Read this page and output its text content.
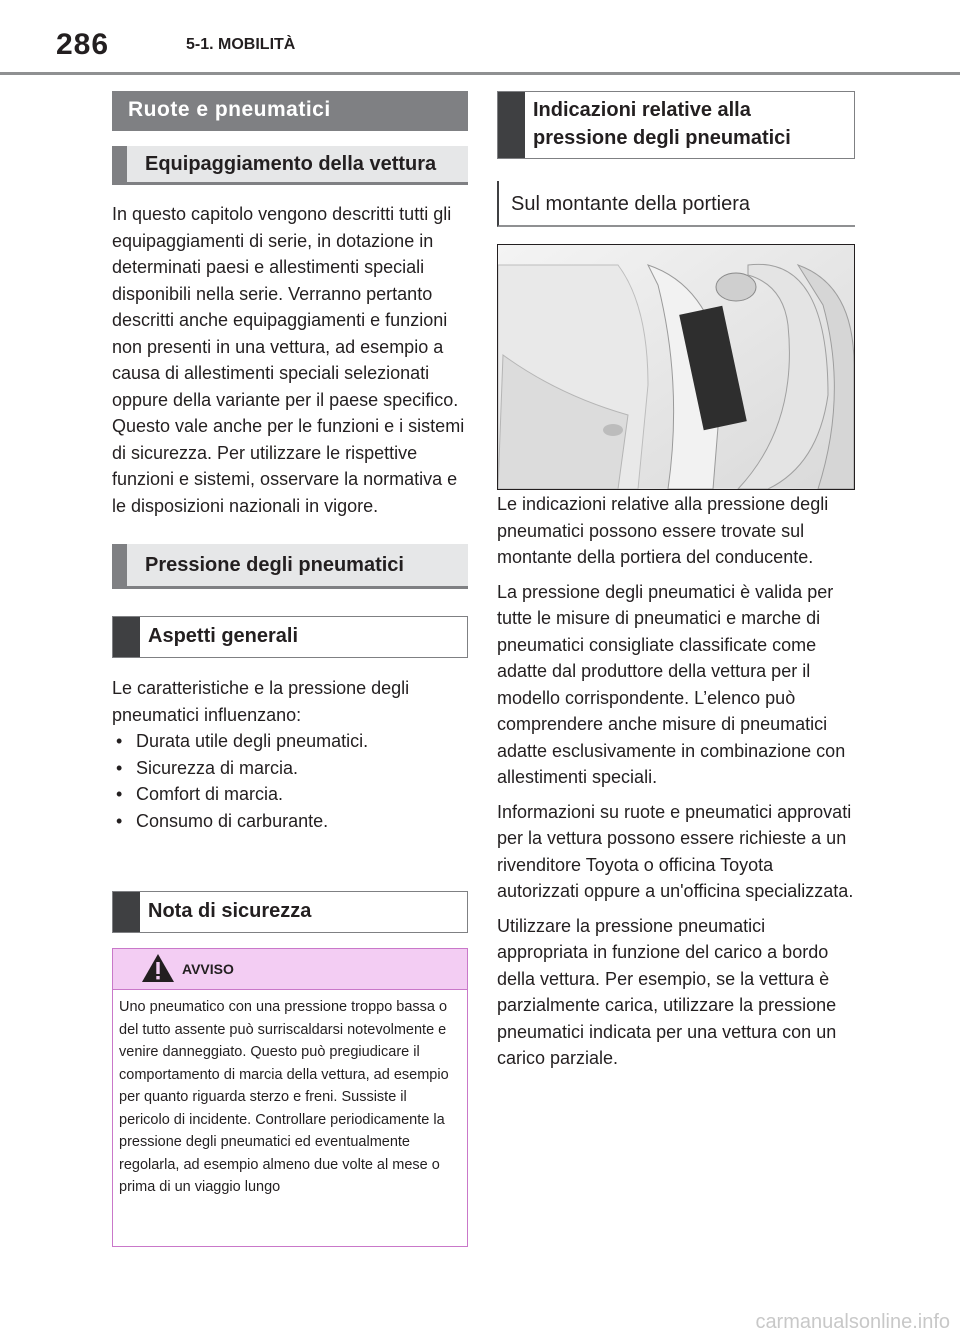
286	5-1. MOBILITÀ
Ruote e pneumatici
Equipaggiamento della vettura

In questo capitolo vengono descritti tutti gli equipaggiamenti di serie, in dotazione in determinati paesi e allestimenti speciali disponibili nella serie. Verranno pertanto descritti anche equipaggiamenti e funzioni non presenti in una vettura, ad esempio a causa di allestimenti speciali selezionati oppure della variante per il paese specifico. Questo vale anche per le funzioni e i sistemi di sicurezza. Per utilizzare le rispettive funzioni e sistemi, osservare la normativa e le disposizioni nazionali in vigore.

Pressione degli pneumatici
Aspetti generali

Le caratteristiche e la pressione degli pneumatici influenzano:

• Durata utile degli pneumatici.
• Sicurezza di marcia.
• Comfort di marcia.
• Consumo di carburante.
Nota di sicurezza
AVVISO
Uno pneumatico con una pressione troppo bassa o del tutto assente può surriscaldarsi notevolmente e venire danneggiato. Questo può pregiudicare il comportamento di marcia della vettura, ad esempio per quanto riguarda sterzo e freni. Sussiste il pericolo di incidente. Controllare periodicamente la pressione degli pneumatici ed eventualmente regolarla, ad esempio almeno due volte al mese o prima di un viaggio lungo
Indicazioni relative alla pressione degli pneumatici
Sul montante della portiera

Le indicazioni relative alla pressione degli pneumatici possono essere trovate sul montante della portiera del conducente.

La pressione degli pneumatici è valida per tutte le misure di pneumatici e marche di pneumatici consigliate classificate come adatte dal produttore della vettura per il modello corrispondente. L’elenco può comprendere anche misure di pneumatici adatte esclusivamente in combinazione con allestimenti speciali.

Informazioni su ruote e pneumatici approvati per la vettura possono essere richieste a un rivenditore Toyota o officina Toyota autorizzati oppure a un'officina specializzata.

Utilizzare la pressione pneumatici appropriata in funzione del carico a bordo della vettura. Per esempio, se la vettura è parzialmente carica, utilizzare la pressione pneumatici indicata per una vettura con un carico parziale.

carmanualsonline.info
